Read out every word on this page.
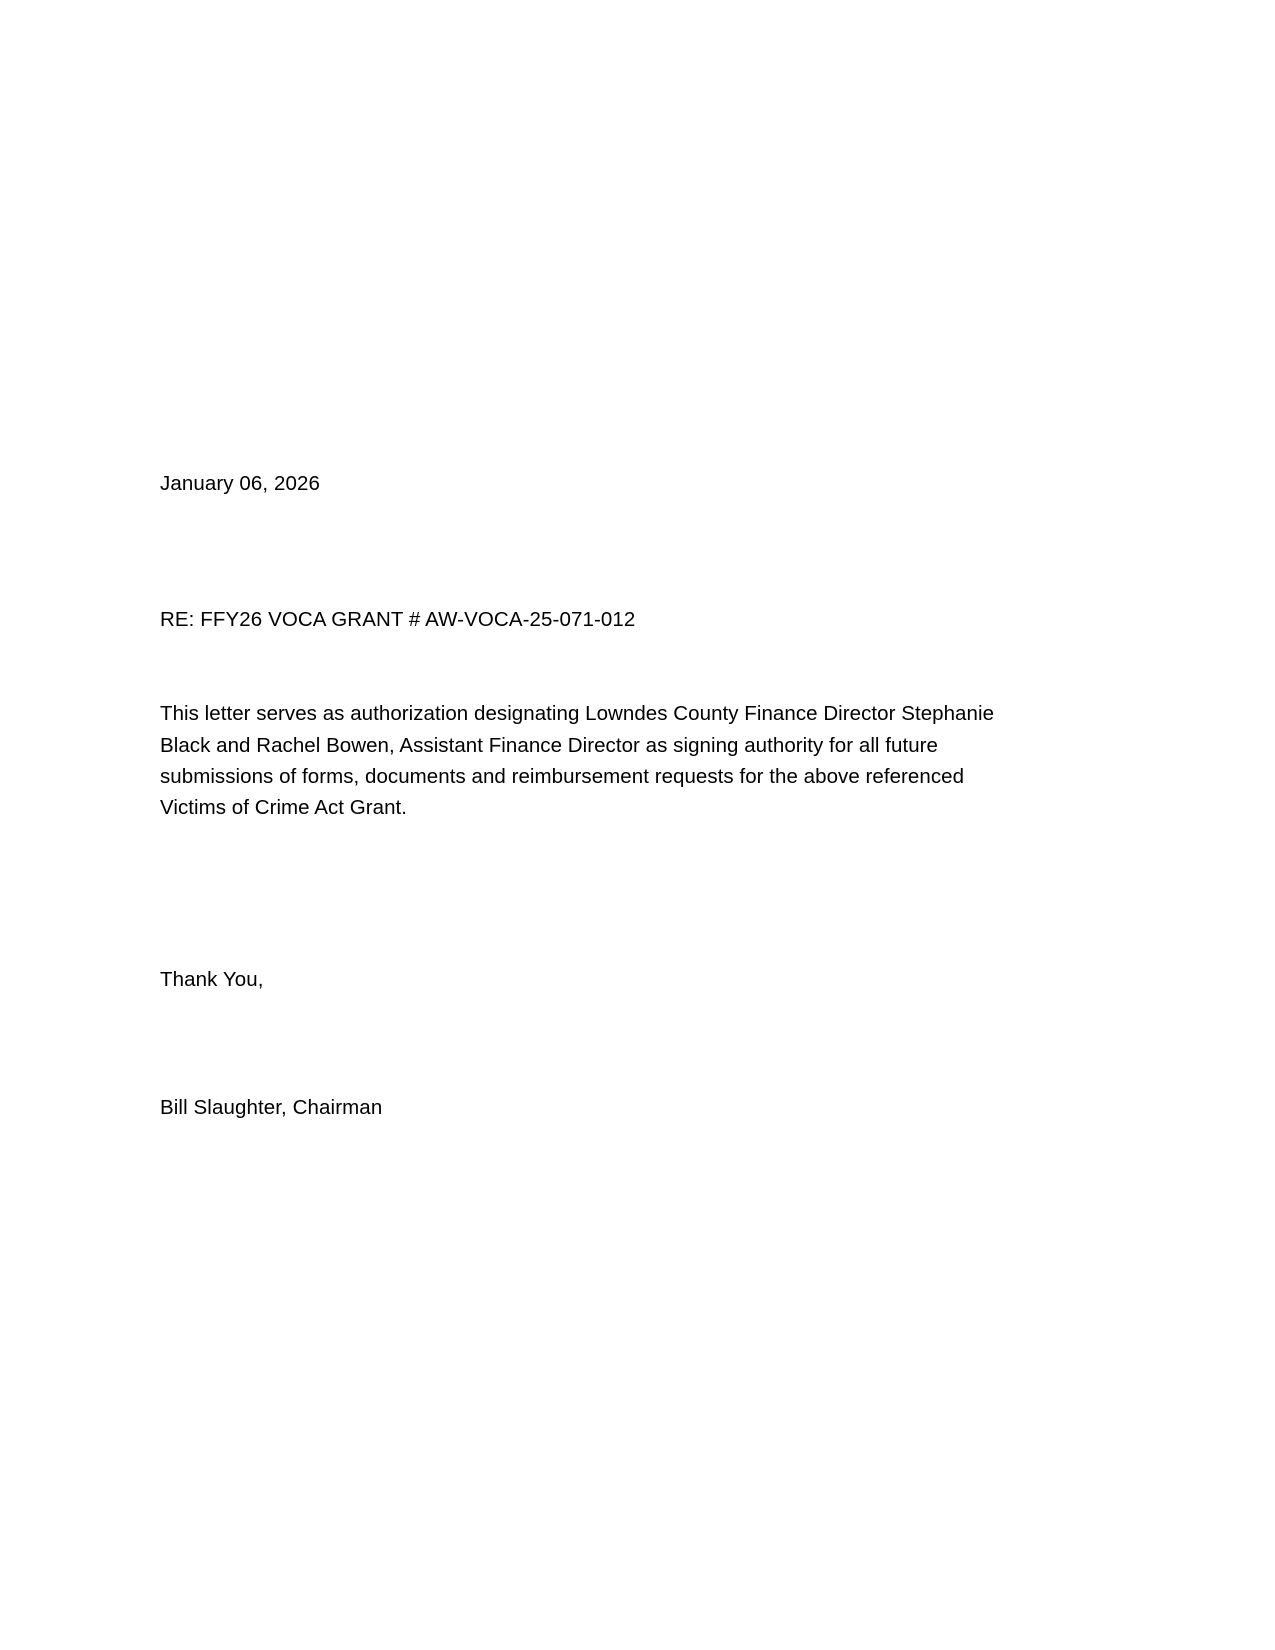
January 06, 2026
RE: FFY26 VOCA GRANT # AW-VOCA-25-071-012
This letter serves as authorization designating Lowndes County Finance Director Stephanie Black and Rachel Bowen, Assistant Finance Director as signing authority for all future submissions of forms, documents and reimbursement requests for the above referenced Victims of Crime Act Grant.
Thank You,
Bill Slaughter, Chairman
